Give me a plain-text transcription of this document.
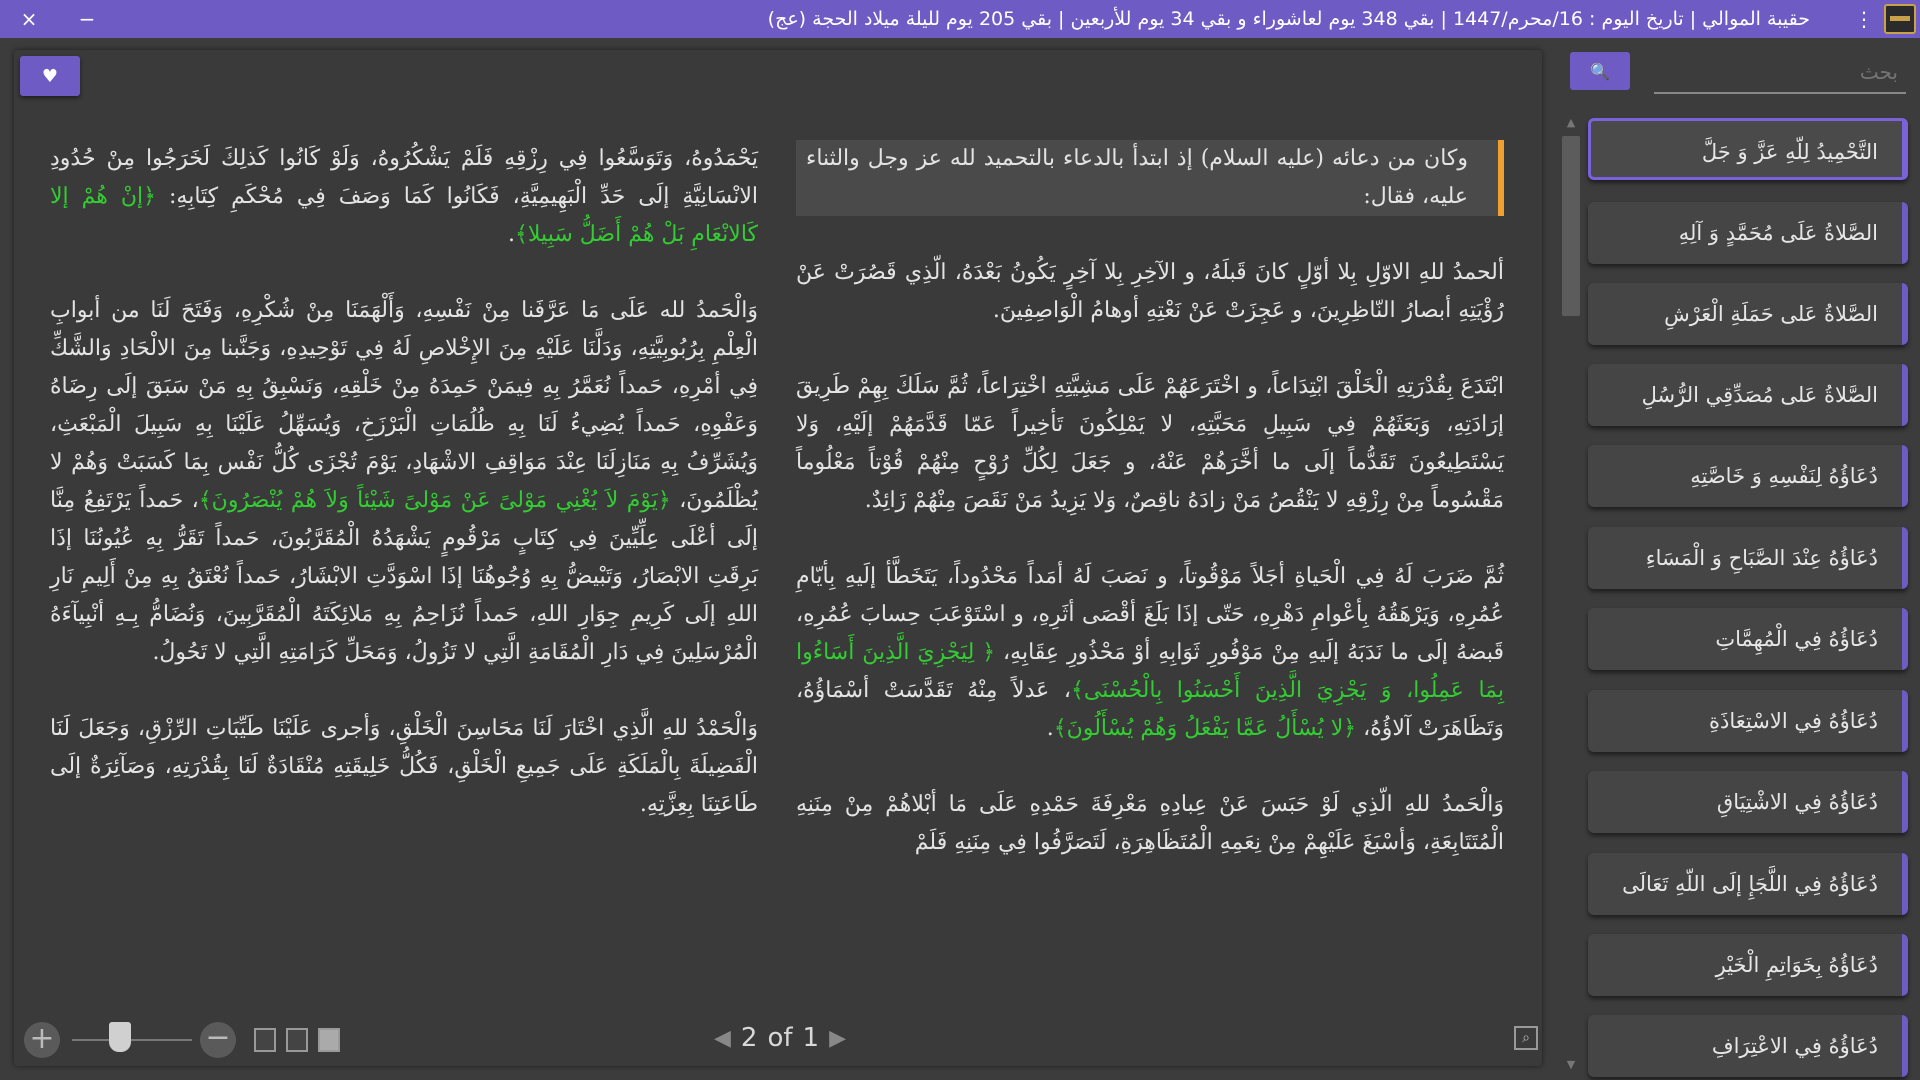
×	−	حقيبة الموالي | تاريخ اليوم : 16/محرم/1447 | بقي 348 يوم لعاشوراء و بقي 34 يوم للأربعين | بقي 205 يوم لليلة ميلاد الحجة (عج)	⋮
♥

وكان من دعائه (عليه السلام) إذ ابتدأ بالدعاء بالتحميد لله عز وجل والثناء عليه، فقال:

ألحمدُ للهِ الاوّلِ بِلا أوّلٍ كانَ قَبلَهُ، و الآخِرِ بِلا آخِرٍ يَكُونُ بَعْدَهُ، الّذِي قَصُرَتْ عَنْ رُؤْيَتِهِ أبصارُ النّاظِرِينَ، و عَجِزَتْ عَنْ نَعْتِهِ أوهامُ الْوَاصِفِينَ.

ابْتَدَعَ بِقُدْرَتِهِ الْخَلْقَ ابْتِدَاعاً، و اخْتَرَعَهُمْ عَلَى مَشِيَّتِهِ اخْتِرَاعاً، ثُمَّ سَلَكَ بِهِمْ طَرِيقَ إرَادَتِهِ، وَبَعَثَهُمْ فِي سَبِيلِ مَحَبَّتِهِ، لا يَمْلِكُونَ تَأخِيراً عَمّا قَدَّمَهُمْ إلَيْهِ، وَلا يَسْتَطِيعُونَ تَقَدُّماً إلَى ما أخَّرَهُمْ عَنْهُ، و جَعَلَ لِكُلِّ رُوْحٍ مِنْهُمْ قُوْتاً مَعْلُوماً مَقْسُوماً مِنْ رِزْقِهِ لا يَنْقُصُ مَنْ زادَهُ ناقِصٌ، وَلا يَزِيدُ مَنْ نَقَصَ مِنْهُمْ زَائِدٌ.

ثُمَّ ضَرَبَ لَهُ فِي الْحَياةِ أجَلاً مَوْقُوتاً، و نَصَبَ لَهُ أمَداً مَحْدُوداً، يَتَخَطَّأ إلَيهِ بِأيّامِ عُمُرِهِ، وَيَرْهَقُهُ بِأعْوامِ دَهْرِهِ، حَتّى إذَا بَلَغَ أقْصَى أثَرِهِ، و اسْتَوْعَبَ حِسابَ عُمُرِهِ، قَبضهُ إلَى ما نَدَبَهُ إلَيهِ مِنْ مَوْفُورِ ثَوَابِهِ أوْ مَحْذُورِ عِقَابِهِ، ﴿ لِيَجْزِيَ الَّذِينَ أَسَاءُوا بِمَا عَمِلُوا، وَ يَجْزِيَ الَّذِينَ أَحْسَنُوا بِالْحُسْنَى﴾، عَدلاً مِنْهُ تَقَدَّسَتْ أسْمَاؤُهُ، وَتَظَاهَرَتْ آلاؤُهُ، ﴿لا يُسْأَلُ عَمَّا يَفْعَلُ وَهُمْ يُسْأَلُونَ﴾.

وَالْحَمدُ للهِ الّذِي لَوْ حَبَسَ عَنْ عِبادِهِ مَعْرِفَةَ حَمْدِهِ عَلَى مَا أبْلاهُمْ مِنْ مِنَنِهِ الْمُتَتَابِعَةِ، وَأسْبَغَ عَلَيْهِمْ مِنْ نِعَمِهِ الْمُتَظَاهِرَةِ، لَتَصَرَّفُوا فِي مِنَنِهِ فَلَمْ

يَحْمَدُوهُ، وَتَوَسَّعُوا فِي رِزْقِهِ فَلَمْ يَشْكُرُوهُ، وَلَوْ كَانُوا كَذلِكَ لَخَرَجُوا مِنْ حُدُودِ الانْسَانِيَّةِ إلَى حَدِّ الْبَهِيمِيَّةِ، فَكَانُوا كَمَا وَصَفَ فِي مُحْكَمِ كِتَابِهِ: ﴿إنْ هُمْ إلا كَالانْعَامِ بَلْ هُمْ أَضَلُّ سَبِيلا﴾.

وَالْحَمدُ لله عَلَى مَا عَرَّفَنا مِنْ نَفْسِهِ، وَأَلْهَمَنَا مِنْ شُكْرِهِ، وَفَتَحَ لَنَا من أبوابِ الْعِلْمِ بِرُبُوبِيَّتِهِ، وَدَلَّنَا عَلَيْهِ مِنَ الإِخْلاصِ لَهُ فِي تَوْحِيدِهِ، وَجَنَّبنا مِنَ الالْحَادِ وَالشَّكِّ فِي أمْرِهِ، حَمداً نُعَمَّرُ بِهِ فِيمَنْ حَمِدَهُ مِنْ خَلْقِهِ، وَنَسْبِقُ بِهِ مَنْ سَبَقَ إلَى رِضَاهُ وَعَفْوِهِ، حَمداً يُضِيءُ لَنَا بِهِ ظُلُمَاتِ الْبَرْزَخِ، وَيُسَهِّلُ عَلَيْنَا بِهِ سَبِيلَ الْمَبْعَثِ، وَيُشَرِّفُ بِهِ مَنَازِلَنَا عِنْدَ مَوَاقِفِ الاشْهَادِ، يَوْمَ تُجْزَى كُلُّ نَفْس بِمَا كَسَبَتْ وَهُمْ لا يُظْلَمُونَ، ﴿يَوْمَ لاَ يُغْنِي مَوْلىً عَنْ مَوْلىً شَيْئاً وَلاَ هُمْ يُنْصَرُونَ﴾، حَمداً يَرْتَفِعُ مِنَّا إلَى أعْلَى عِلِّيِّينَ فِي كِتَابٍ مَرْقُومٍ يَشْهَدُهُ الْمُقَرَّبُونَ، حَمداً تَقَرُّ بِهِ عُيُونُنَا إذَا بَرِقَتِ الابْصَارُ، وَتَبْيضُّ بِهِ وُجُوهُنَا إذَا اسْوَدَّتِ الابْشَارُ، حَمداً نُعْتَقُ بِهِ مِنْ أَلِيمِ نَارِ اللهِ إلَى كَرِيمِ جِوَارِ اللهِ، حَمداً نُزَاحِمُ بِهِ مَلائِكَتَهُ الْمُقَرَّبِينَ، وَنُضَامُّ بِـهِ أنْبِيآءَهُ الْمُرْسَلِينَ فِي دَارِ الْمُقَامَةِ الَّتِي لا تَزُولُ، وَمَحَلِّ كَرَامَتِهِ الَّتِي لا تَحُولُ.

وَالْحَمْدُ للهِ الَّذِي اخْتَارَ لَنَا مَحَاسِنَ الْخَلْقِ، وَأجرى عَلَيْنَا طَيِّبَاتِ الرِّزْقِ، وَجَعَلَ لَنَا الْفَضِيلَةَ بِالْمَلَكَةِ عَلَى جَمِيعِ الْخَلْقِ، فَكُلُّ خَلِيقَتِهِ مُنْقَادَةٌ لَنَا بِقُدْرَتِهِ، وَصَآئِرَةٌ إلَى طَاعَتِنَا بِعِزَّتِهِ.

+	−	◀ 2 of 1 ▶	⌕
🔍
بحث
▲
▼
التَّحْمِيدُ لِلّهِ عَزَّ وَ جَلَّ
الصَّلاةُ عَلَى مُحَمَّدٍ وَ آلِهِ
الصَّلاةُ عَلى حَمَلَةِ الْعَرْشِ
الصَّلاةُ عَلى مُصَدِّقِي الرُّسُلِ
دُعَاؤُهُ لِنَفْسِهِ وَ خَاصَّتِهِ
دُعَاؤُهُ عِنْدَ الصَّبَاحِ وَ الْمَسَاءِ
دُعَاؤُهُ فِي الْمُهِمَّاتِ
دُعَاؤُهُ فِي الاسْتِعَاذَةِ
دُعَاؤُهُ فِي الاشْتِيَاقِ
دُعَاؤُهُ فِي اللَّجَإِ إلَى اللّهِ تَعَالَى
دُعَاؤُهُ بِخَوَاتِمِ الْخَيْرِ
دُعَاؤُهُ فِي الاعْتِرَافِ
